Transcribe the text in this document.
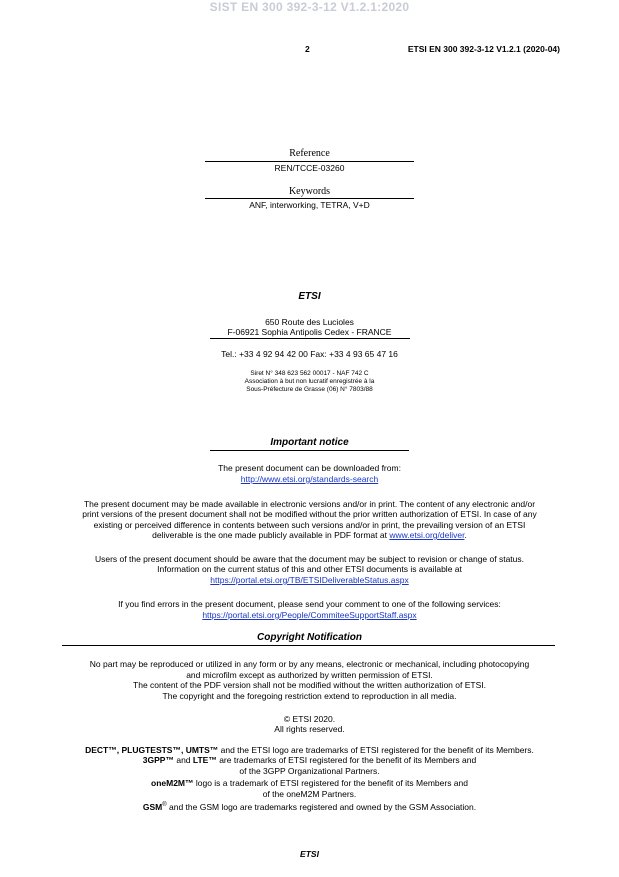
SIST EN 300 392-3-12 V1.2.1:2020
2	ETSI EN 300 392-3-12 V1.2.1 (2020-04)
Reference
REN/TCCE-03260
Keywords
ANF, interworking, TETRA, V+D
ETSI
650 Route des Lucioles
F-06921 Sophia Antipolis Cedex - FRANCE
Tel.: +33 4 92 94 42 00 Fax: +33 4 93 65 47 16
Siret N° 348 623 562 00017 - NAF 742 C
Association à but non lucratif enregistrée à la
Sous-Préfecture de Grasse (06) N° 7803/88
Important notice
The present document can be downloaded from:
http://www.etsi.org/standards-search
The present document may be made available in electronic versions and/or in print. The content of any electronic and/or
print versions of the present document shall not be modified without the prior written authorization of ETSI. In case of any
existing or perceived difference in contents between such versions and/or in print, the prevailing version of an ETSI
deliverable is the one made publicly available in PDF format at www.etsi.org/deliver.
Users of the present document should be aware that the document may be subject to revision or change of status.
Information on the current status of this and other ETSI documents is available at
https://portal.etsi.org/TB/ETSIDeliverableStatus.aspx
If you find errors in the present document, please send your comment to one of the following services:
https://portal.etsi.org/People/CommiteeSupportStaff.aspx
Copyright Notification
No part may be reproduced or utilized in any form or by any means, electronic or mechanical, including photocopying
and microfilm except as authorized by written permission of ETSI.
The content of the PDF version shall not be modified without the written authorization of ETSI.
The copyright and the foregoing restriction extend to reproduction in all media.
© ETSI 2020.
All rights reserved.
DECT™, PLUGTESTS™, UMTS™ and the ETSI logo are trademarks of ETSI registered for the benefit of its Members.
3GPP™ and LTE™ are trademarks of ETSI registered for the benefit of its Members and
of the 3GPP Organizational Partners.
oneM2M™ logo is a trademark of ETSI registered for the benefit of its Members and
of the oneM2M Partners.
GSM® and the GSM logo are trademarks registered and owned by the GSM Association.
ETSI
